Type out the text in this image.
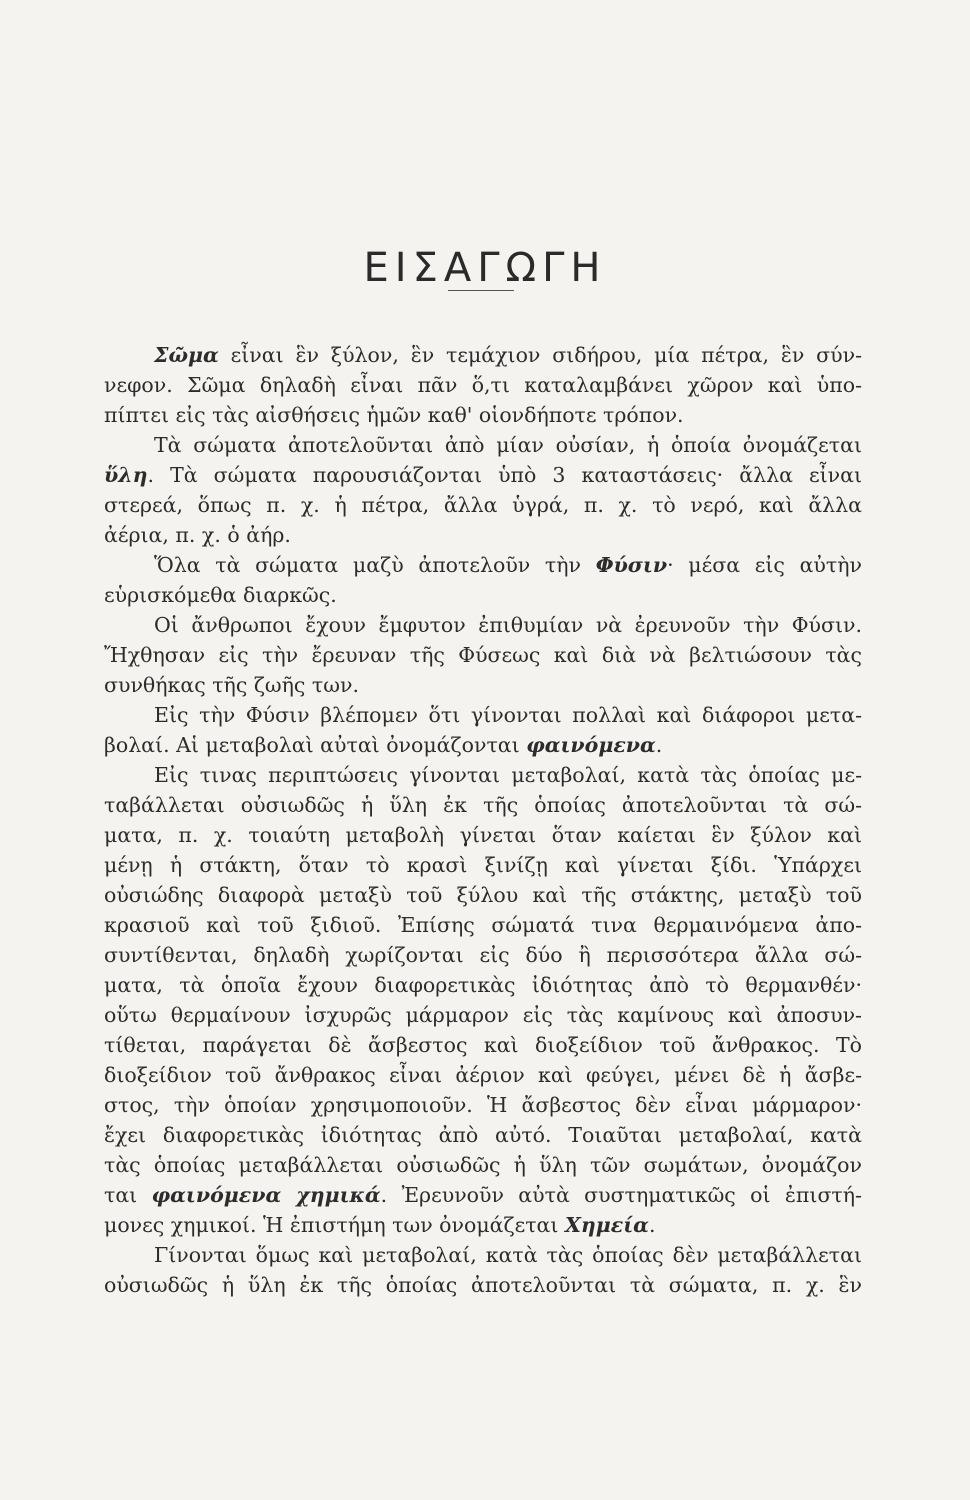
ΕΙΣΑΓΩΓΗ
Σῶμα εἶναι ἓν ξύλον, ἓν τεμάχιον σιδήρου, μία πέτρα, ἓν σύν-
νεφον. Σῶμα δηλαδὴ εἶναι πᾶν ὅ,τι καταλαμβάνει χῶρον καὶ ὑπο-
πίπτει εἰς τὰς αἰσθήσεις ἡμῶν καθ' οἱονδήποτε τρόπον.
Τὰ σώματα ἀποτελοῦνται ἀπὸ μίαν οὐσίαν, ἡ ὁποία ὀνομάζεται
ὕλη. Τὰ σώματα παρουσιάζονται ὑπὸ 3 καταστάσεις· ἄλλα εἶναι
στερεά, ὅπως π. χ. ἡ πέτρα, ἄλλα ὑγρά, π. χ. τὸ νερό, καὶ ἄλλα
ἀέρια, π. χ. ὁ ἀήρ.
Ὅλα τὰ σώματα μαζὺ ἀποτελοῦν τὴν Φύσιν· μέσα εἰς αὐτὴν
εὑρισκόμεθα διαρκῶς.
Οἱ ἄνθρωποι ἔχουν ἔμφυτον ἐπιθυμίαν νὰ ἐρευνοῦν τὴν Φύσιν.
Ἤχθησαν εἰς τὴν ἔρευναν τῆς Φύσεως καὶ διὰ νὰ βελτιώσουν τὰς
συνθήκας τῆς ζωῆς των.
Εἰς τὴν Φύσιν βλέπομεν ὅτι γίνονται πολλαὶ καὶ διάφοροι μετα-
βολαί. Αἱ μεταβολαὶ αὐταὶ ὀνομάζονται φαινόμενα.
Εἰς τινας περιπτώσεις γίνονται μεταβολαί, κατὰ τὰς ὁποίας με-
ταβάλλεται οὐσιωδῶς ἡ ὕλη ἐκ τῆς ὁποίας ἀποτελοῦνται τὰ σώ-
ματα, π. χ. τοιαύτη μεταβολὴ γίνεται ὅταν καίεται ἓν ξύλον καὶ
μένῃ ἡ στάκτη, ὅταν τὸ κρασὶ ξινίζῃ καὶ γίνεται ξίδι. Ὑπάρχει
οὐσιώδης διαφορὰ μεταξὺ τοῦ ξύλου καὶ τῆς στάκτης, μεταξὺ τοῦ
κρασιοῦ καὶ τοῦ ξιδιοῦ. Ἐπίσης σώματά τινα θερμαινόμενα ἀπο-
συντίθενται, δηλαδὴ χωρίζονται εἰς δύο ἢ περισσότερα ἄλλα σώ-
ματα, τὰ ὁποῖα ἔχουν διαφορετικὰς ἰδιότητας ἀπὸ τὸ θερμανθέν·
οὕτω θερμαίνουν ἰσχυρῶς μάρμαρον εἰς τὰς καμίνους καὶ ἀποσυν-
τίθεται, παράγεται δὲ ἄσβεστος καὶ διοξείδιον τοῦ ἄνθρακος. Τὸ
διοξείδιον τοῦ ἄνθρακος εἶναι ἀέριον καὶ φεύγει, μένει δὲ ἡ ἄσβε-
στος, τὴν ὁποίαν χρησιμοποιοῦν. Ἡ ἄσβεστος δὲν εἶναι μάρμαρον·
ἔχει διαφορετικὰς ἰδιότητας ἀπὸ αὐτό. Τοιαῦται μεταβολαί, κατὰ
τὰς ὁποίας μεταβάλλεται οὐσιωδῶς ἡ ὕλη τῶν σωμάτων, ὀνομάζον
ται φαινόμενα χημικά. Ἐρευνοῦν αὐτὰ συστηματικῶς οἱ ἐπιστή-
μονες χημικοί. Ἡ ἐπιστήμη των ὀνομάζεται Χημεία.
Γίνονται ὅμως καὶ μεταβολαί, κατὰ τὰς ὁποίας δὲν μεταβάλλεται
οὐσιωδῶς ἡ ὕλη ἐκ τῆς ὁποίας ἀποτελοῦνται τὰ σώματα, π. χ. ἓν
